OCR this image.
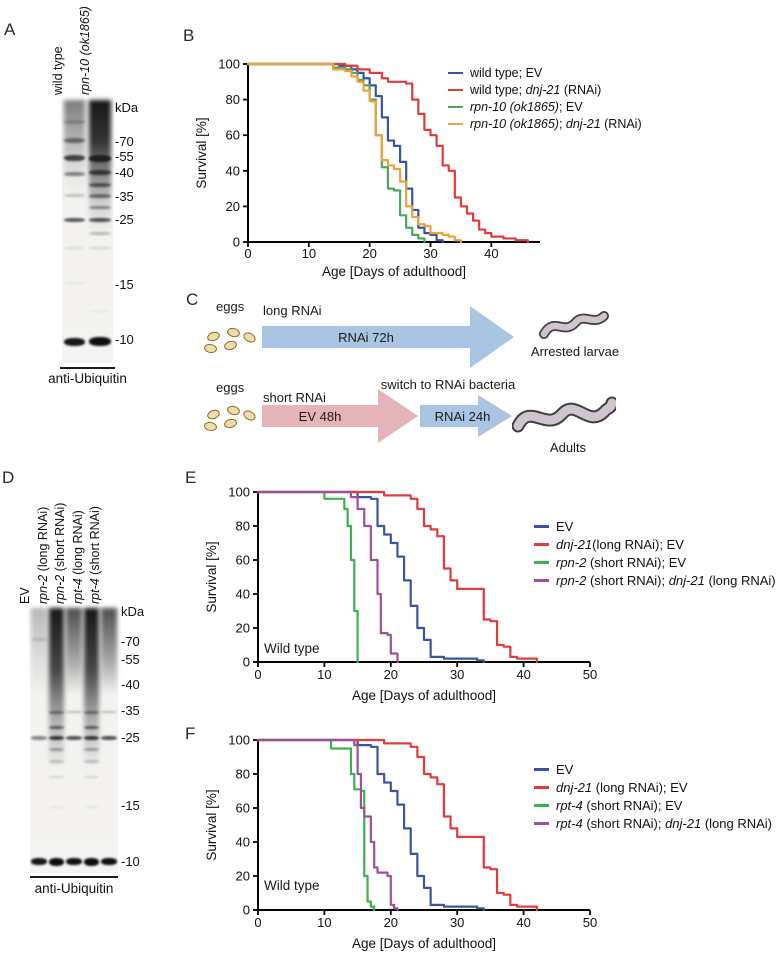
A	B
C
D	E
F
anti-Ubiquitin
0	10	20	30	40
0
20
40
60
80
100
Age [Days of adulthood]
Survival [%]
wild type; EV
wild type; dnj-21 (RNAi)
rpn-10 (ok1865); EV
rpn-10 (ok1865); dnj-21 (RNAi)
eggs long RNAi
RNAi 72h
Arrested larvae
eggs
short RNAi
EV 48h
switch to RNAi bacteria
RNAi 24h
Adults
anti-Ubiquitin
0	10	20	30	40	50
0
20
40
60
80
100
Age [Days of adulthood]
Survival [%]
EV
dnj-21(long RNAi); EV
rpn-2 (short RNAi); EV
rpn-2 (short RNAi); dnj-21 (long RNAi)
Wild type
0	10	20	30	40	50
0
20
40
60
80
100
Age [Days of adulthood]
Survival [%]
EV
dnj-21 (long RNAi); EV
rpt-4 (short RNAi); EV
rpt-4 (short RNAi); dnj-21 (long RNAi)
Wild type
wild type rpn-10 (ok1865)
EV rpn-2 (long RNAi)
rpn-2 (short RNAi)
rpt-4 (long RNAi)
rpt-4 (short RNAi)
kDa
-70
-55
-40
-35
-25
-15
-10
kDa
-70
-55
-40
-35
-25
-15
-10
